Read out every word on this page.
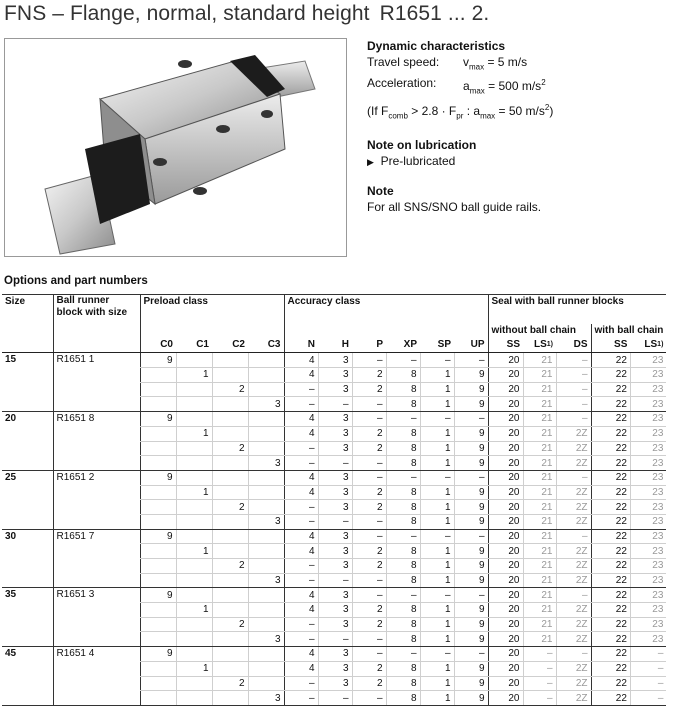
FNS – Flange, normal, standard height R1651 ... 2.
Dynamic characteristics
Travel speed:	$v_{max} = 5$ m/s
Acceleration:	$a_{max} = 500$ $m/s^2$
(If $F_{comb} > 2.8 \cdot F_{pr}$ : $a_{max} = 50$ $m/s^2$)
Note on lubrication
▶ Pre-lubricated
Note
For all SNS/SNO ball guide rails.
Options and part numbers
Size	Ball runner block with size	Preload class				Accuracy class						Seal with ball runner blocks				
												without ball chain			with ball chain	
		C0	C1	C2	C3	N	H	P	XP	SP	UP	SS	LS$^{1)}$	DS	SS	LS$^{1)}$
15	R1651 1	9				4	3	–	–	–	–	20	21	–	22	23
			1			4	3	2	8	1	9	20	21	–	22	23
				2		–	3	2	8	1	9	20	21	–	22	23
					3	–	–	–	8	1	9	20	21	–	22	23
20	R1651 8	9				4	3	–	–	–	–	20	21	–	22	23
			1			4	3	2	8	1	9	20	21	2Z	22	23
				2		–	3	2	8	1	9	20	21	2Z	22	23
					3	–	–	–	8	1	9	20	21	2Z	22	23
25	R1651 2	9				4	3	–	–	–	–	20	21	–	22	23
			1			4	3	2	8	1	9	20	21	2Z	22	23
				2		–	3	2	8	1	9	20	21	2Z	22	23
					3	–	–	–	8	1	9	20	21	2Z	22	23
30	R1651 7	9				4	3	–	–	–	–	20	21	–	22	23
			1			4	3	2	8	1	9	20	21	2Z	22	23
				2		–	3	2	8	1	9	20	21	2Z	22	23
					3	–	–	–	8	1	9	20	21	2Z	22	23
35	R1651 3	9				4	3	–	–	–	–	20	21	–	22	23
			1			4	3	2	8	1	9	20	21	2Z	22	23
				2		–	3	2	8	1	9	20	21	2Z	22	23
					3	–	–	–	8	1	9	20	21	2Z	22	23
45	R1651 4	9				4	3	–	–	–	–	20	–	–	22	–
			1			4	3	2	8	1	9	20	–	2Z	22	–
				2		–	3	2	8	1	9	20	–	2Z	22	–
					3	–	–	–	8	1	9	20	–	2Z	22	–
